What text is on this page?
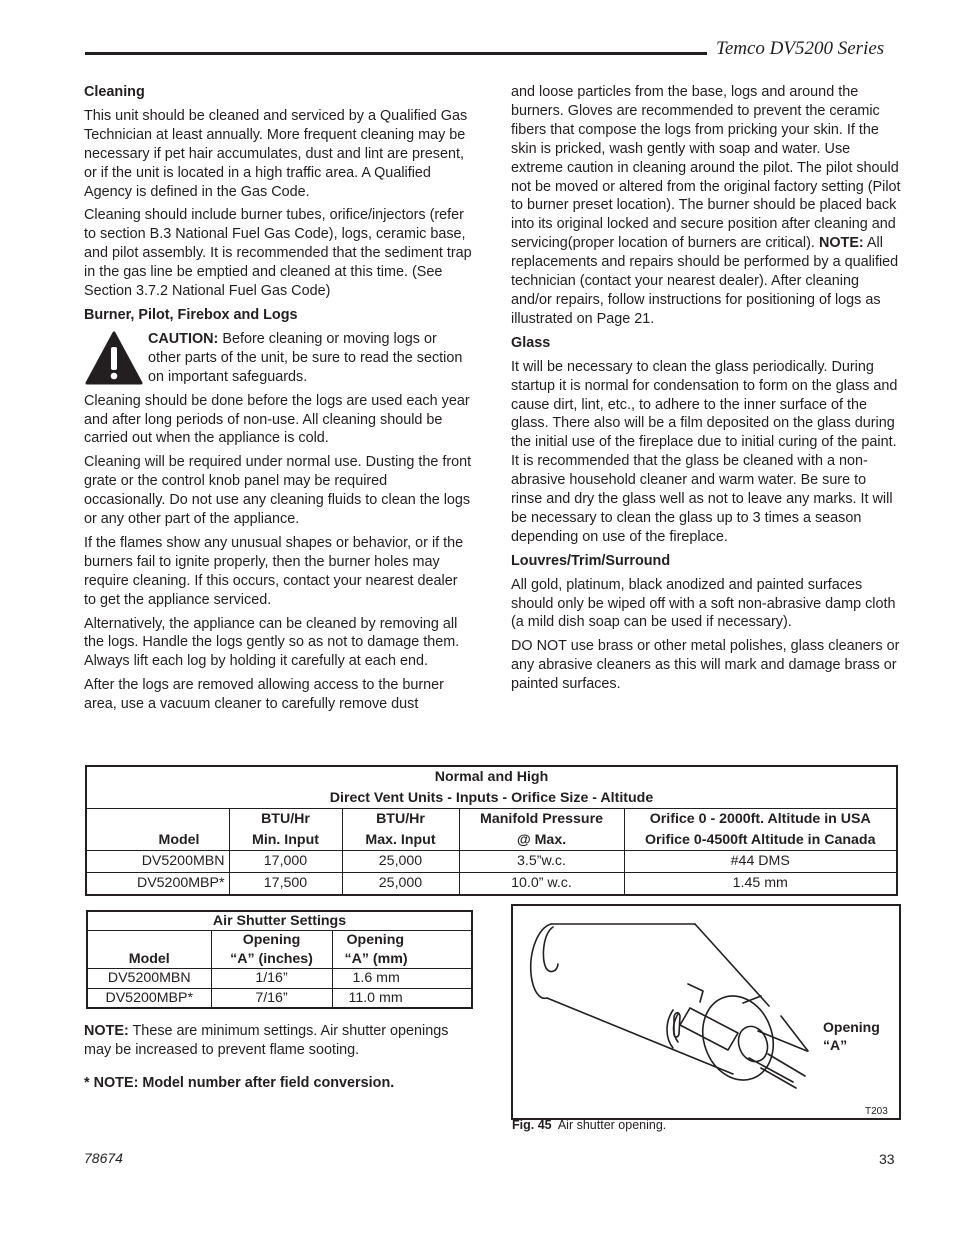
Temco DV5200 Series
Cleaning

This unit should be cleaned and serviced by a Qualified Gas Technician at least annually. More frequent cleaning may be necessary if pet hair accumulates, dust and lint are present, or if the unit is located in a high traffic area. A Qualified Agency is defined in the Gas Code.

Cleaning should include burner tubes, orifice/injectors (refer to section B.3 National Fuel Gas Code), logs, ceramic base, and pilot assembly. It is recommended that the sediment trap in the gas line be emptied and cleaned at this time. (See Section 3.7.2 National Fuel Gas Code)

Burner, Pilot, Firebox and Logs
CAUTION: Before cleaning or moving logs or other parts of the unit, be sure to read the section on important safeguards.

Cleaning should be done before the logs are used each year and after long periods of non-use. All cleaning should be carried out when the appliance is cold.

Cleaning will be required under normal use. Dusting the front grate or the control knob panel may be required occasionally. Do not use any cleaning fluids to clean the logs or any other part of the appliance.

If the flames show any unusual shapes or behavior, or if the burners fail to ignite properly, then the burner holes may require cleaning. If this occurs, contact your nearest dealer to get the appliance serviced.

Alternatively, the appliance can be cleaned by removing all the logs. Handle the logs gently so as not to damage them. Always lift each log by holding it carefully at each end.

After the logs are removed allowing access to the burner area, use a vacuum cleaner to carefully remove dust

and loose particles from the base, logs and around the burners. Gloves are recommended to prevent the ceramic fibers that compose the logs from pricking your skin. If the skin is pricked, wash gently with soap and water. Use extreme caution in cleaning around the pilot. The pilot should not be moved or altered from the original factory setting (Pilot to burner preset location). The burner should be placed back into its original locked and secure position after cleaning and servicing(proper location of burners are critical). NOTE: All replacements and repairs should be performed by a qualified technician (contact your nearest dealer). After cleaning and/or repairs, follow instructions for positioning of logs as illustrated on Page 21.

Glass

It will be necessary to clean the glass periodically. During startup it is normal for condensation to form on the glass and cause dirt, lint, etc., to adhere to the inner surface of the glass. There also will be a film deposited on the glass during the initial use of the fireplace due to initial curing of the paint. It is recommended that the glass be cleaned with a non-abrasive household cleaner and warm water. Be sure to rinse and dry the glass well as not to leave any marks. It will be necessary to clean the glass up to 3 times a season depending on use of the fireplace.

Louvres/Trim/Surround

All gold, platinum, black anodized and painted surfaces should only be wiped off with a soft non-abrasive damp cloth (a mild dish soap can be used if necessary).

DO NOT use brass or other metal polishes, glass cleaners or any abrasive cleaners as this will mark and damage brass or painted surfaces.

Normal and High				
Direct Vent Units - Inputs - Orifice Size - Altitude				
	BTU/Hr	BTU/Hr	Manifold Pressure	Orifice 0 - 2000ft. Altitude in USA
Model	Min. Input	Max. Input	@ Max.	Orifice 0-4500ft Altitude in Canada
DV5200MBN	17,000	25,000	3.5”w.c.	#44 DMS
DV5200MBP*	17,500	25,000	10.0” w.c.	1.45 mm
Air Shutter Settings		
	Opening	Opening
Model	“A” (inches)	“A” (mm)
DV5200MBN	1/16”	1.6 mm
DV5200MBP*	7/16”	11.0 mm

NOTE: These are minimum settings. Air shutter openings may be increased to prevent flame sooting.

* NOTE: Model number after field conversion.

Opening
“A”
T203
Fig. 45  Air shutter opening.
78674	33
